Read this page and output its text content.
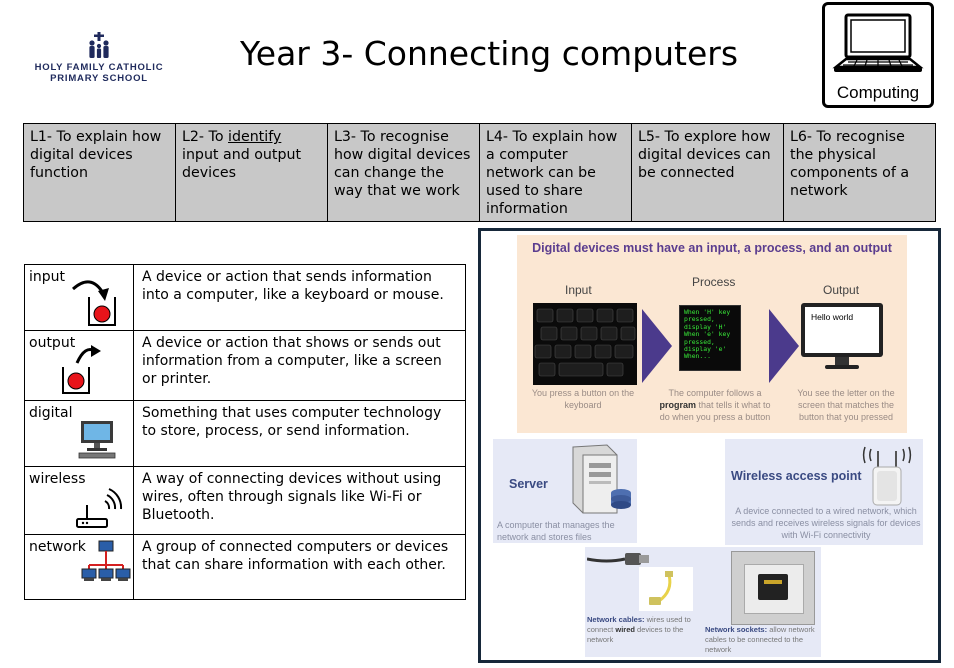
HOLY FAMILY CATHOLIC
PRIMARY SCHOOL
Year 3- Connecting computers
Computing
L1- To explain how digital devices function
L2- To identify input and output devices
L3- To recognise how digital devices can change the way that we work
L4- To explain how a computer network can be used to share information
L5- To explore how digital devices can be connected
L6- To recognise the physical components of a network
input	A device or action that sends information into a computer, like a keyboard or mouse.
output	A device or action that shows or sends out information from a computer, like a screen or printer.
digital	Something that uses computer technology to store, process, or send information.
wireless	A way of connecting devices without using wires, often through signals like Wi-Fi or Bluetooth.
network	A group of connected computers or devices that can share information with each other.
Digital devices must have an input, a process, and an output
Input
Process
Output
When 'H' key
pressed,
display 'H'
When 'e' key
pressed,
display 'e'
When...
Hello world
You press a button on the keyboard
The computer follows a program that tells it what to do when you press a button
You see the letter on the screen that matches the button that you pressed
Server
A computer that manages the network and stores files
Wireless access point
A device connected to a wired network, which sends and receives wireless signals for devices with Wi-Fi connectivity
Network cables: wires used to connect wired devices to the network
Network sockets: allow network cables to be connected to the network
